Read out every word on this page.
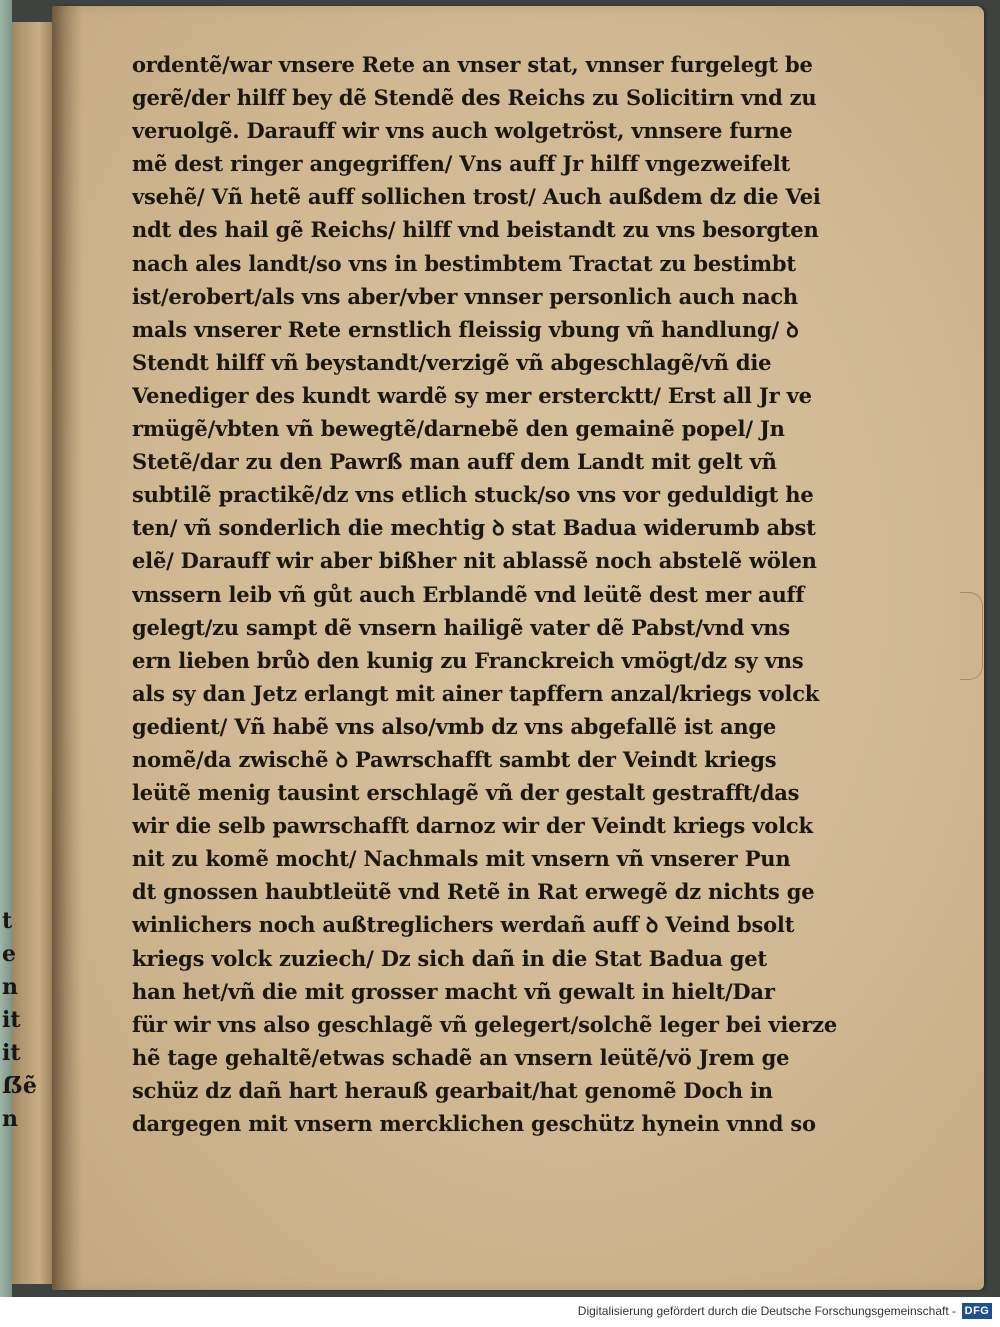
t
e
n
it
it
ẞẽ
n
ordentẽ/war vnsere Rete an vnser stat, vnnser furgelegt be
gerẽ/der hilff bey dẽ Stendẽ des Reichs zu Solicitirn vnd zu
veruolgẽ. Darauff wir vns auch wolgetröst, vnnsere furne
mẽ dest ringer angegriffen/ Vns auff Jr hilff vngezweifelt
vsehẽ/ Vñ hetẽ auff sollichen trost/ Auch außdem dz die Vei
ndt des hail gẽ Reichs/ hilff vnd beistandt zu vns besorgten
nach ales landt/so vns in bestimbtem Tractat zu bestimbt
ist/erobert/als vns aber/vber vnnser personlich auch nach
mals vnserer Rete ernstlich fleissig vbung vñ handlung/ ꝺ
Stendt hilff vñ beystandt/verzigẽ vñ abgeschlagẽ/vñ die
Venediger des kundt wardẽ sy mer erstercktt/ Erst all Jr ve
rmügẽ/vbten vñ bewegtẽ/darnebẽ den gemainẽ popel/ Jn
Stetẽ/dar zu den Pawrß man auff dem Landt mit gelt vñ
subtilẽ practikẽ/dz vns etlich stuck/so vns vor geduldigt he
ten/ vñ sonderlich die mechtig ꝺ stat Badua widerumb abst
elẽ/ Darauff wir aber bißher nit ablassẽ noch abstelẽ wölen
vnssern leib vñ gůt auch Erblandẽ vnd leütẽ dest mer auff
gelegt/zu sampt dẽ vnsern hailigẽ vater dẽ Pabst/vnd vns
ern lieben brůꝺ den kunig zu Franckreich vmögt/dz sy vns
als sy dan Jetz erlangt mit ainer tapffern anzal/kriegs volck
gedient/ Vñ habẽ vns also/vmb dz vns abgefallẽ ist ange
nomẽ/da zwischẽ ꝺ Pawrschafft sambt der Veindt kriegs
leütẽ menig tausint erschlagẽ vñ der gestalt gestrafft/das
wir die selb pawrschafft darnoz wir der Veindt kriegs volck
nit zu komẽ mocht/ Nachmals mit vnsern vñ vnserer Pun
dt gnossen haubtleütẽ vnd Retẽ in Rat erwegẽ dz nichts ge
winlichers noch außtreglichers werdañ auff ꝺ Veind bsolt
kriegs volck zuziech/ Dz sich dañ in die Stat Badua get
han het/vñ die mit grosser macht vñ gewalt in hielt/Dar
für wir vns also geschlagẽ vñ gelegert/solchẽ leger bei vierze
hẽ tage gehaltẽ/etwas schadẽ an vnsern leütẽ/vö Jrem ge
schüz dz dañ hart herauß gearbait/hat genomẽ Doch in
dargegen mit vnsern mercklichen geschütz hynein vnnd so
Digitalisierung gefördert durch die Deutsche Forschungsgemeinschaft - DFG
